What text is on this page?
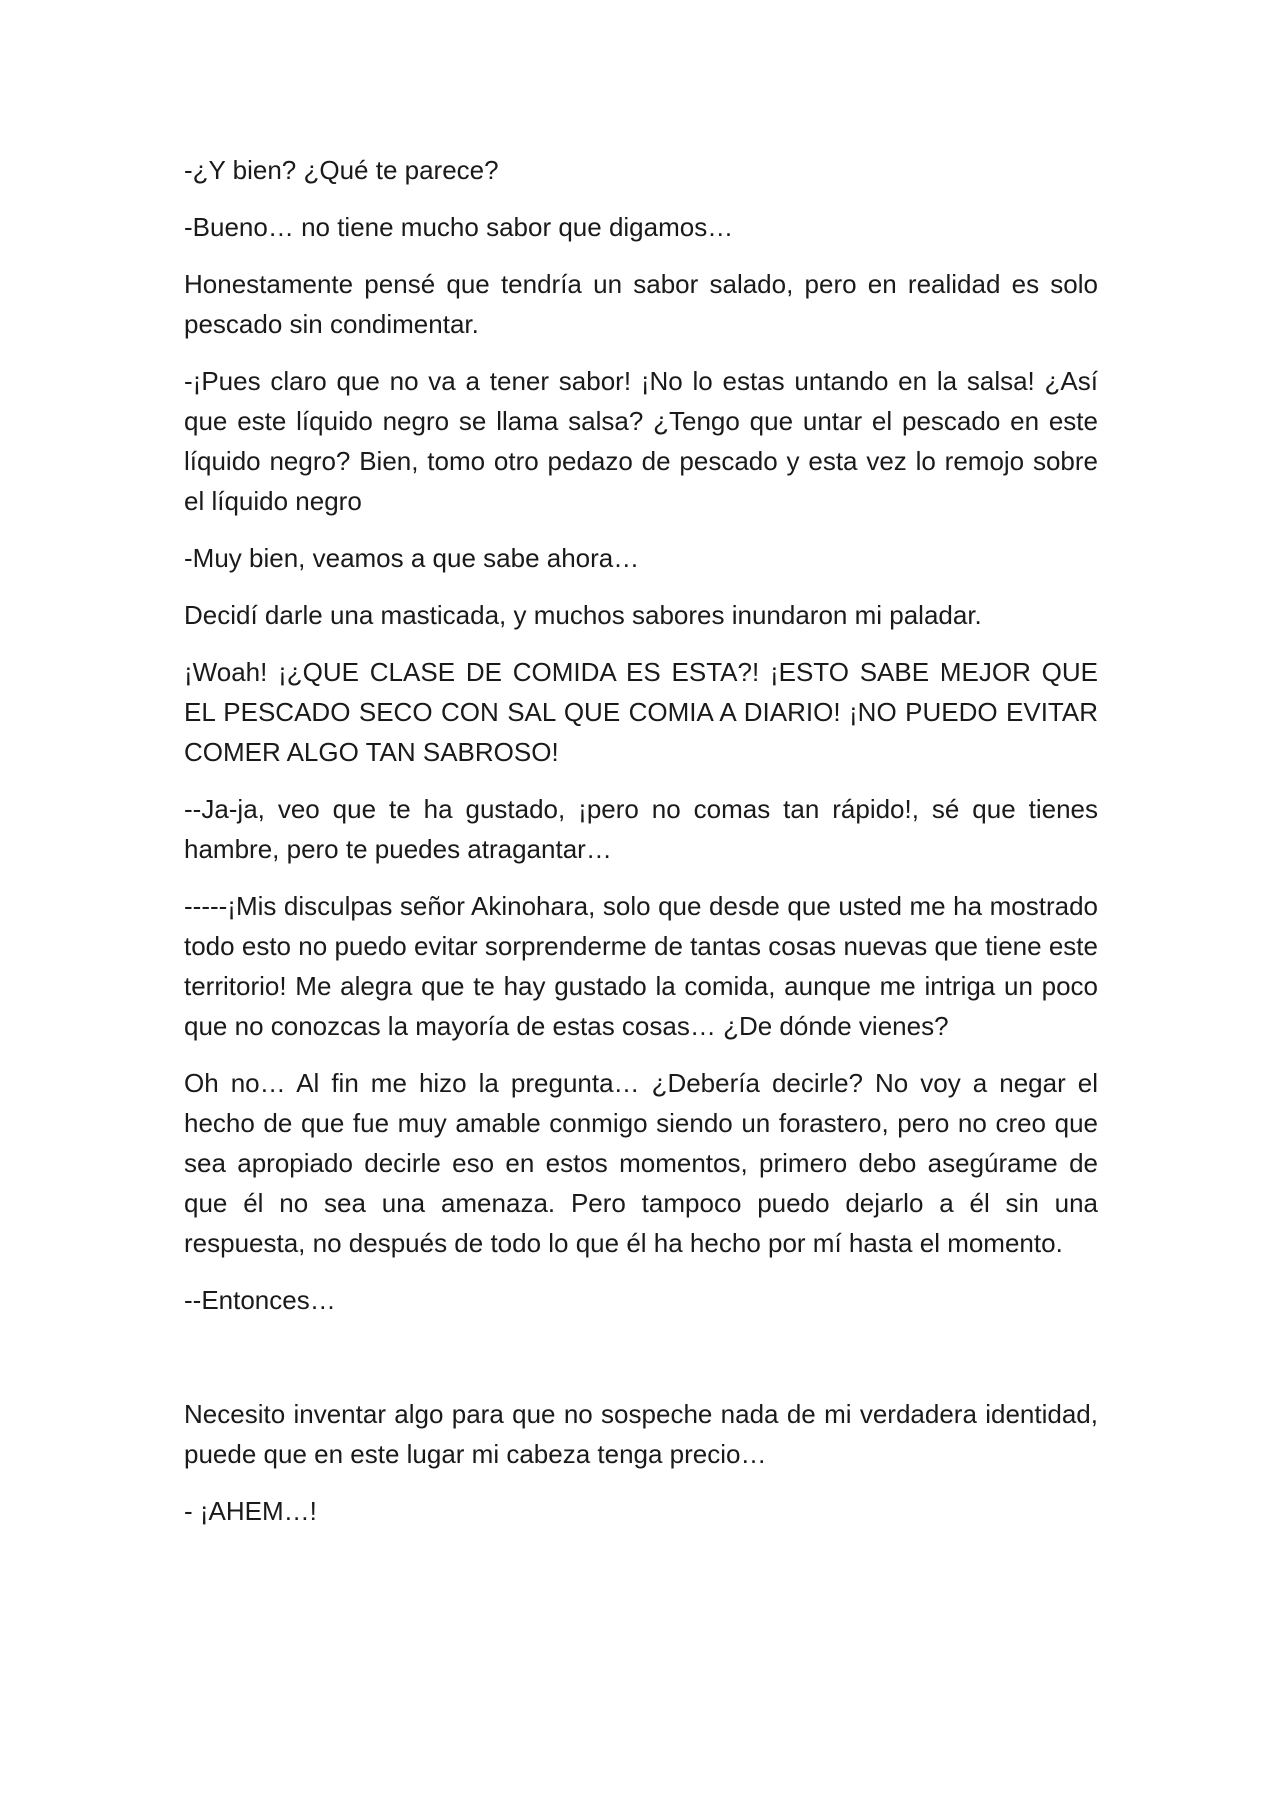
-¿Y bien? ¿Qué te parece?

-Bueno… no tiene mucho sabor que digamos…

Honestamente pensé que tendría un sabor salado, pero en realidad es solo pescado sin condimentar.

-¡Pues claro que no va a tener sabor! ¡No lo estas untando en la salsa! ¿Así que este líquido negro se llama salsa? ¿Tengo que untar el pescado en este líquido negro? Bien, tomo otro pedazo de pescado y esta vez lo remojo sobre el líquido negro

-Muy bien, veamos a que sabe ahora…

Decidí darle una masticada, y muchos sabores inundaron mi paladar.

¡Woah! ¡¿QUE CLASE DE COMIDA ES ESTA?! ¡ESTO SABE MEJOR QUE EL PESCADO SECO CON SAL QUE COMIA A DIARIO! ¡NO PUEDO EVITAR COMER ALGO TAN SABROSO!

--Ja-ja, veo que te ha gustado, ¡pero no comas tan rápido!, sé que tienes hambre, pero te puedes atragantar…

-----¡Mis disculpas señor Akinohara, solo que desde que usted me ha mostrado todo esto no puedo evitar sorprenderme de tantas cosas nuevas que tiene este territorio! Me alegra que te hay gustado la comida, aunque me intriga un poco que no conozcas la mayoría de estas cosas… ¿De dónde vienes?

Oh no… Al fin me hizo la pregunta… ¿Debería decirle? No voy a negar el hecho de que fue muy amable conmigo siendo un forastero, pero no creo que sea apropiado decirle eso en estos momentos, primero debo asegúrame de que él no sea una amenaza. Pero tampoco puedo dejarlo a él sin una respuesta, no después de todo lo que él ha hecho por mí hasta el momento.

--Entonces…

Necesito inventar algo para que no sospeche nada de mi verdadera identidad, puede que en este lugar mi cabeza tenga precio…

- ¡AHEM…!
